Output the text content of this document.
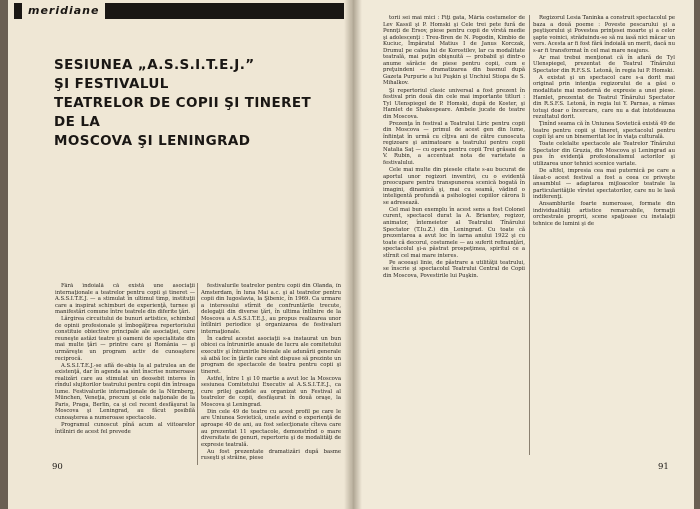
meridiane
SESIUNEA „A.S.S.I.T.E.J.”
ŞI FESTIVALUL
TEATRELOR DE COPII ŞI TINERET
DE LA
MOSCOVA ŞI LENINGRAD

Fără îndoială că există une asociaţii internaţionale a teatrelor pentru copii şi tineret — A.S.S.I.T.E.J. — a stimulat în ultimul timp, instituţii care a inspirat schimburi de experienţă, turnee şi manifestări comune între teatrele din diferite ţări.

Lărgirea circuitului de bunuri artistice, schimbul de opinii profesionale şi îmbogăţirea repertoriului constituie obiective principale ale asociaţiei, care reuneşte astăzi teatre şi oameni de specialitate din mai multe ţări — printre care şi România — şi urmăreşte un program activ de cunoaştere reciprocă.

A.S.S.I.T.E.J.-se află de-abia la al patrulea an de existenţă, dar în agenda sa sînt înscrise numeroase realizări care au stimulat un deosebit interes în rîndul slujitorilor teatrului pentru copii din întreaga lume. Festivalurile internaţionale de la Nürnberg, München, Veneţia, precum şi cele naţionale de la Paris, Praga, Berlin, ca şi cel recent desfăşurat la Moscova şi Leningrad, au făcut posibilă cunoaşterea a numeroase spectacole.

Programul cunoscut pînă acum al viitoarelor întîlniri de acest fel prevede

festivalurile teatrelor pentru copii din Olanda, în Amsterdam, în luna Mai a.c. şi al teatrelor pentru copii din Iugoslavia, la Şibenic, în 1969. Ca urmare a interesului stîrnit de confruntările trecute, delegaţii din diverse ţări, în ultima întîlnire de la Moscova a A.S.S.I.T.E.J., au propus realizarea unor întîlniri periodice şi organizarea de festivaluri internaţionale.

În cadrul acestei asociaţii s-a instaurat un bun obicei ca întrunirile anuale de lucru ale comitetului executiv şi întrunirile bienale ale adunării generale să aibă loc în ţările care sînt dispuse să prezinte un program de spectacole de teatru pentru copii şi tineret.

Astfel, între 1 şi 10 martie a avut loc la Moscova sesiunea Comitetului Executiv al A.S.S.I.T.E.J., ca cure prilej gazdele au organizat un Festival al teatrelor de copii, desfăşurat în două oraşe, la Moscova şi Leningrad.

Din cele 49 de teatre cu acest profil pe care le are Uniunea Sovietică, unele avînd o experienţă de aproape 40 de ani, au fost selecţionate cîteva care au prezentat 11 spectacole, demonstrînd o mare diversitate de genuri, repertoriu şi de modalităţi de expresie teatrală.

Au fost prezentate dramatizări după basme ruseşti şi străine, piese

90

torii sei mai mici : Fiţi gata, Măria costumelor de Lev Kassil şi P. Homski şi Cele trei pete fură de Pennţi de Ersov, piese pentru copii de vîrstă medie şi adolescenţi : Treu-Bren de N. Pogodin, Kimbio de Kuciuc, Împăratul Matius I de Janus Korczak, Drumul pe calea lui de Korostilev, lar ca modalitate teatrală, mai puţin obişnuită — probabil şi dintr-o anume sărăcie de piese pentru copii, cum e preţuindeni — dramatizarea din basmul după Gazeta Purpurie a lui Puşkin şi Unchiul Stiopa de S. Mihalkov.

Şi repertoriul clasic universal a fost prezent în festival prin două din cele mai importante titluri : Tyl Ulenspiegel de P. Homski, după de Koster, şi Hamlet de Shakespeare. Ambele jucate de teatre din Moscova.

Prezenţa în festival a Teatrului Liric pentru copii din Moscova — primul de acest gen din lume, înfiinţat în urmă cu cîţiva ani de către cunoscuta regizoare şi animatoare a teatrului pentru copii Natalia Saţ — cu opera pentru copii Trei grăsani de V. Rubin, a accentuat nota de varietate a festivalului.

Cele mai multe din piesele citate s-au bucurat de aportul unor regizori inventivi, cu o evidentă preocupare pentru transpunerea scenică bogată în imagini, dinamică şi, mai cu seamă, vădind o inteligentă profundă a psihologiei copiilor cărora li se adresează.

Cel mai bun exemplu în acest sens a fost Colonel curent, spectacol durat la A. Briantev, regizor, animator, întemeietor al Teatrului Tînărului Spectator (T.Iu.Z.) din Leningrad. Cu toate că prezentarea a avut loc în iarna anului 1922 şi cu toate că decorul, costumele — au suferit refinanţări, spectacolul şi-a păstrat prospeţimea, spiritul ce a stîrnit cel mai mare interes.

Pe aceeaşi linie, de păstrare a utilităţii teatrului, se înscrie şi spectacolul Teatrului Central de Copii din Moscova, Povestirile lui Puşkin.

Regizorul Lesia Taninka a construit spectacolul pe baza a două poeme : Poveste pescarului şi a peştişorului şi Povestea prinţesei moarte şi a celor şapte voinici, străduindu-se să nu iasă nici măcar un vers. Acesta ar fi fost fără îndoială un merit, dacă nu s-ar fi transformat în cel mai mare neajuns.

Ar mai trebui menţionat că în afară de Tyl Ulenspiegel, prezentat de Teatrul Tînărului Spectator din R.F.S.S. Letonă, în regia lui P. Homski.

A existat şi un spectacol care s-a dorit mai original prin intenţia regizorului de a găsi o modalitate mai modernă de expresie a unei piese. Hamlet, prezentat de Teatrul Tînărului Spectator din R.S.F.S. Letonă, în regia lui Y. Parnas, a rămas totuşi doar o încercare, care nu a dat întotdeauna rezultatul dorit.

Ţinînd seama că în Uniunea Sovietică există 49 de teatre pentru copii şi tineret, spectacolul pentru copii îşi are un binemeritat loc în viaţa culturală.

Toate celelalte spectacole ale Teatrelor Tînărului Spectator din Gruzia, din Moscova şi Leningrad au pus în evidenţă profesionalismul actorilor şi utilizarea unor tehnici scenice variate.

De altfel, impresia cea mai puternică pe care a lăsat-o acest festival a fost a ceea ce priveşte ansamblul — adaptarea mijloacelor teatrale la particularităţile vîrstei spectatorilor, care nu le lasă indiferenţi.

Ansamblurile foarte numeroase, formate din individualităţi artistice remarcabile, formaţii orchestrale proprii, scene spaţioase cu instalaţii tehnice de lumini şi de

91
